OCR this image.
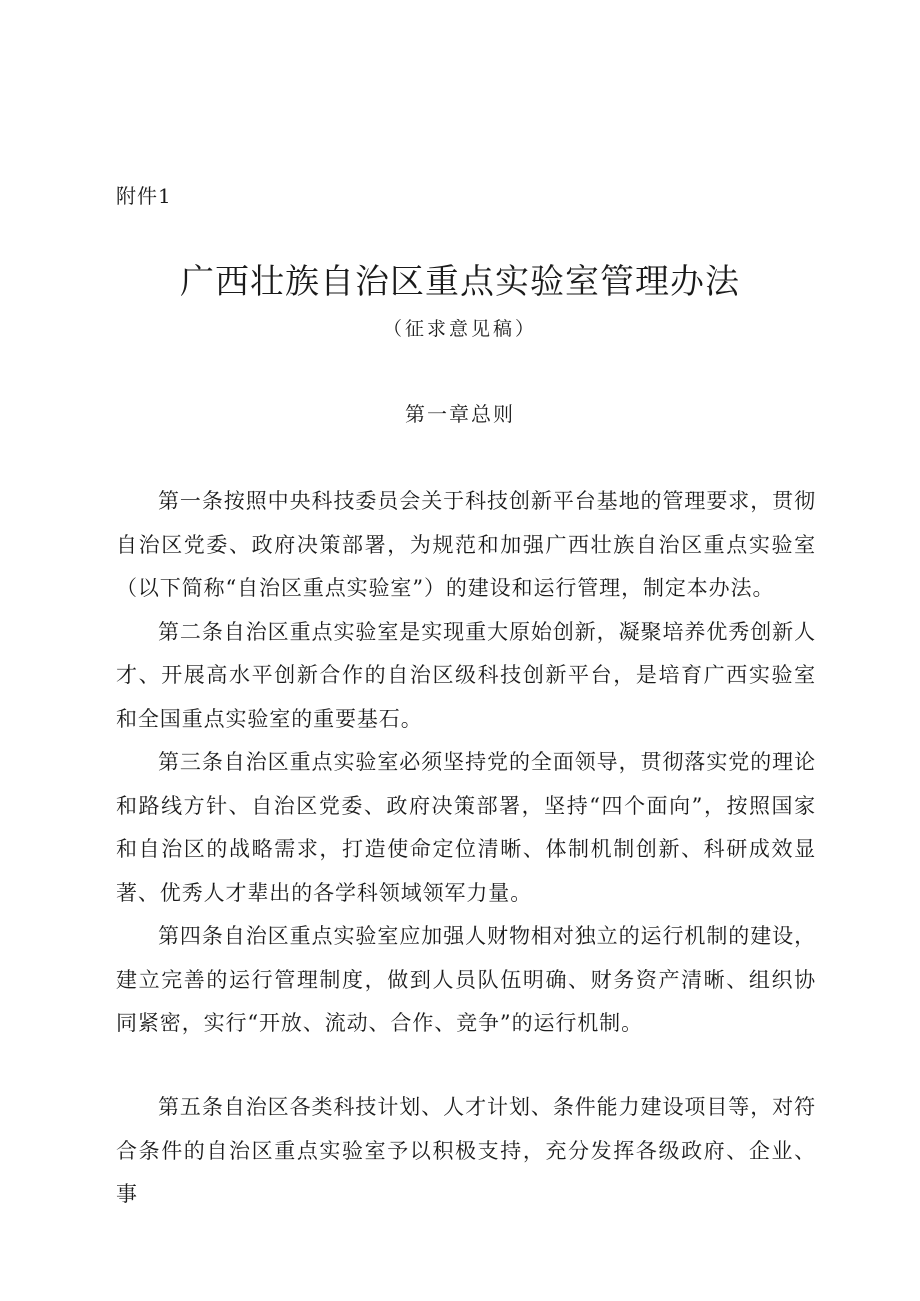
附件1
广西壮族自治区重点实验室管理办法
（征求意见稿）
第一章总则

第一条按照中央科技委员会关于科技创新平台基地的管理要求，贯彻自治区党委、政府决策部署，为规范和加强广西壮族自治区重点实验室（以下简称“自治区重点实验室”）的建设和运行管理，制定本办法。

第二条自治区重点实验室是实现重大原始创新，凝聚培养优秀创新人才、开展高水平创新合作的自治区级科技创新平台，是培育广西实验室和全国重点实验室的重要基石。

第三条自治区重点实验室必须坚持党的全面领导，贯彻落实党的理论和路线方针、自治区党委、政府决策部署，坚持“四个面向”，按照国家和自治区的战略需求，打造使命定位清晰、体制机制创新、科研成效显著、优秀人才辈出的各学科领域领军力量。

第四条自治区重点实验室应加强人财物相对独立的运行机制的建设，建立完善的运行管理制度，做到人员队伍明确、财务资产清晰、组织协同紧密，实行“开放、流动、合作、竞争”的运行机制。

第五条自治区各类科技计划、人才计划、条件能力建设项目等，对符合条件的自治区重点实验室予以积极支持，充分发挥各级政府、企业、事
